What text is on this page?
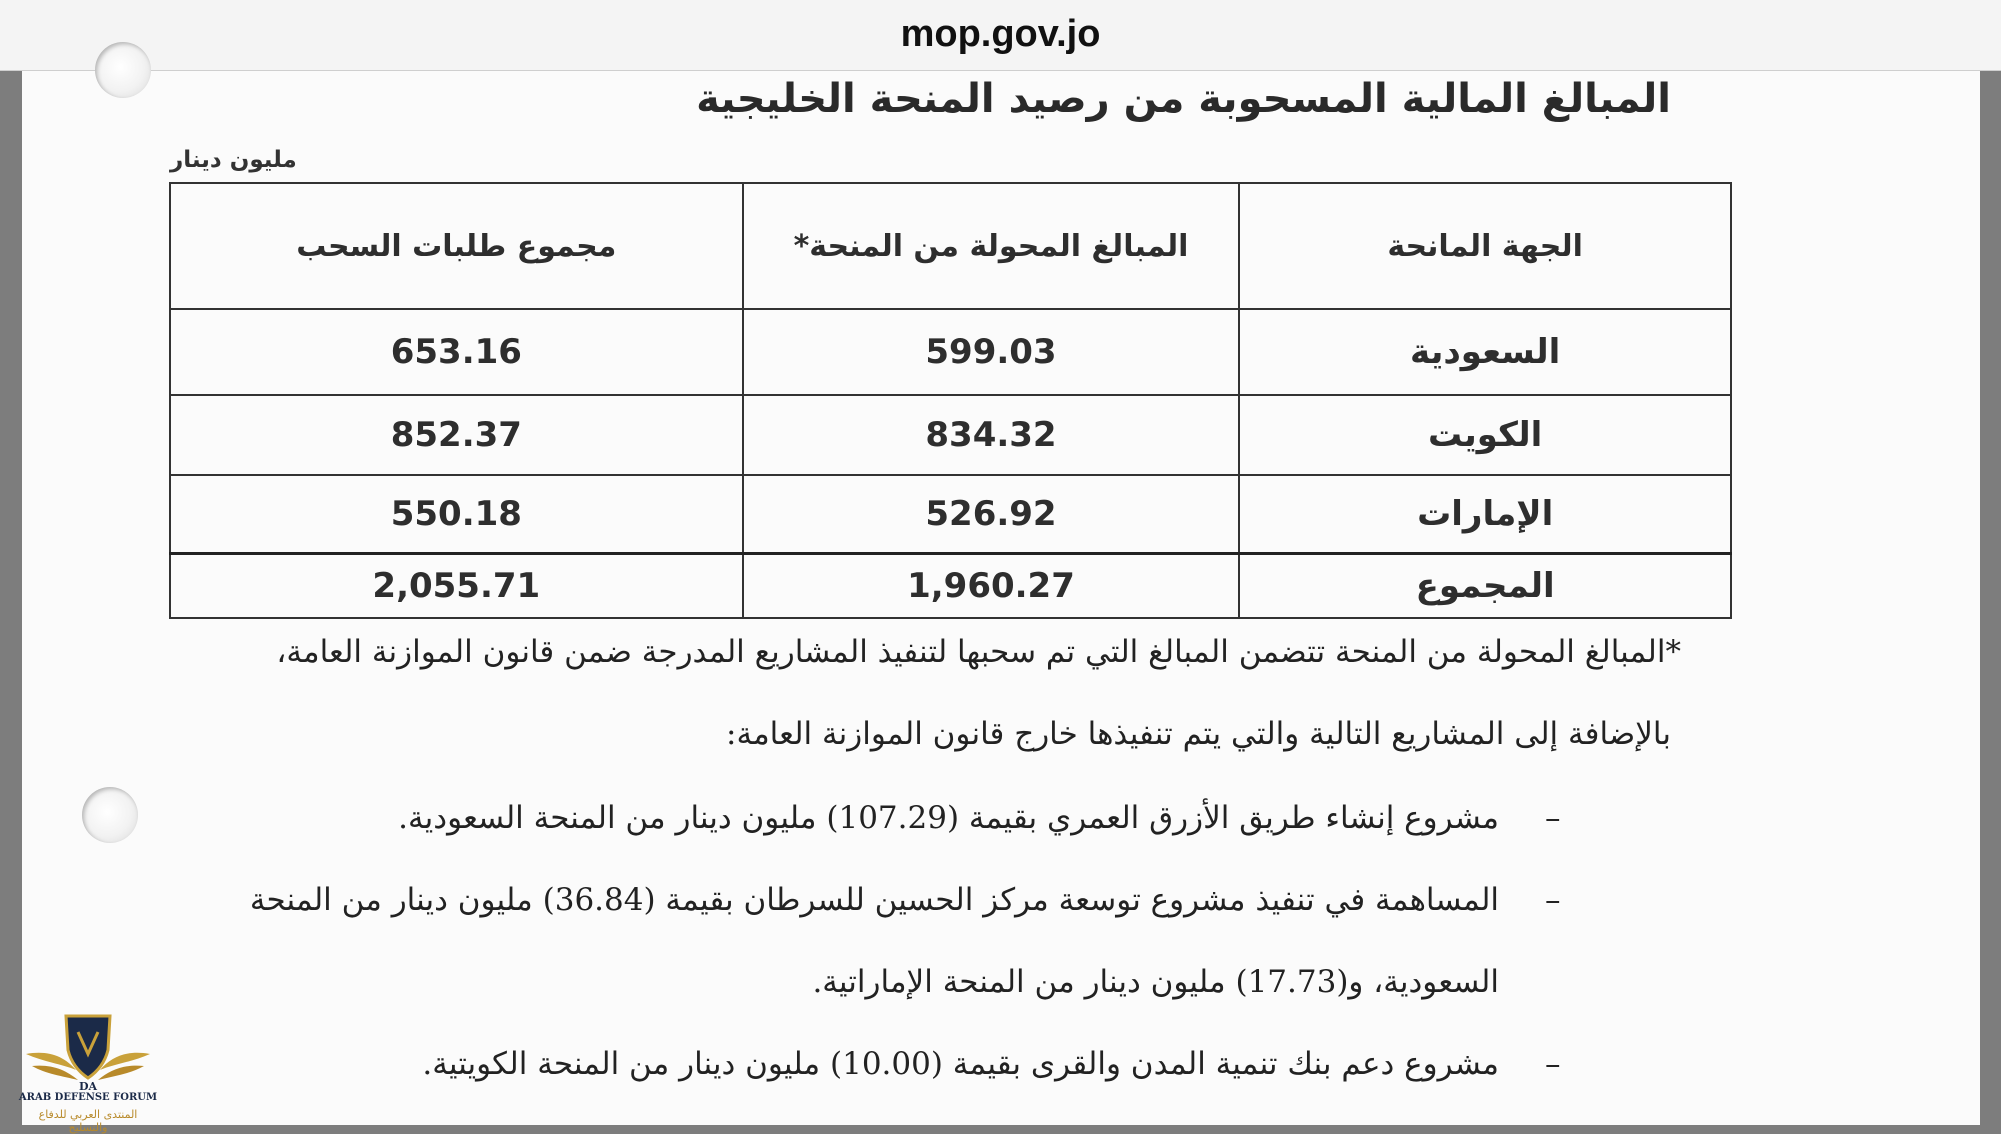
mop.gov.jo
المبالغ المالية المسحوبة من رصيد المنحة الخليجية
مليون دينار
الجهة المانحة	المبالغ المحولة من المنحة*	مجموع طلبات السحب
السعودية	599.03	653.16
الكويت	834.32	852.37
الإمارات	526.92	550.18
المجموع	1,960.27	2,055.71
*المبالغ المحولة من المنحة تتضمن المبالغ التي تم سحبها لتنفيذ المشاريع المدرجة ضمن قانون الموازنة العامة،
بالإضافة إلى المشاريع التالية والتي يتم تنفيذها خارج قانون الموازنة العامة:
–
مشروع إنشاء طريق الأزرق العمري بقيمة (107.29) مليون دينار من المنحة السعودية.
–
المساهمة في تنفيذ مشروع توسعة مركز الحسين للسرطان بقيمة (36.84) مليون دينار من المنحة
السعودية، و(17.73) مليون دينار من المنحة الإماراتية.
–
مشروع دعم بنك تنمية المدن والقرى بقيمة (10.00) مليون دينار من المنحة الكويتية.
DA
ARAB DEFENSE FORUM
المنتدى العربي للدفاع والتسليح
